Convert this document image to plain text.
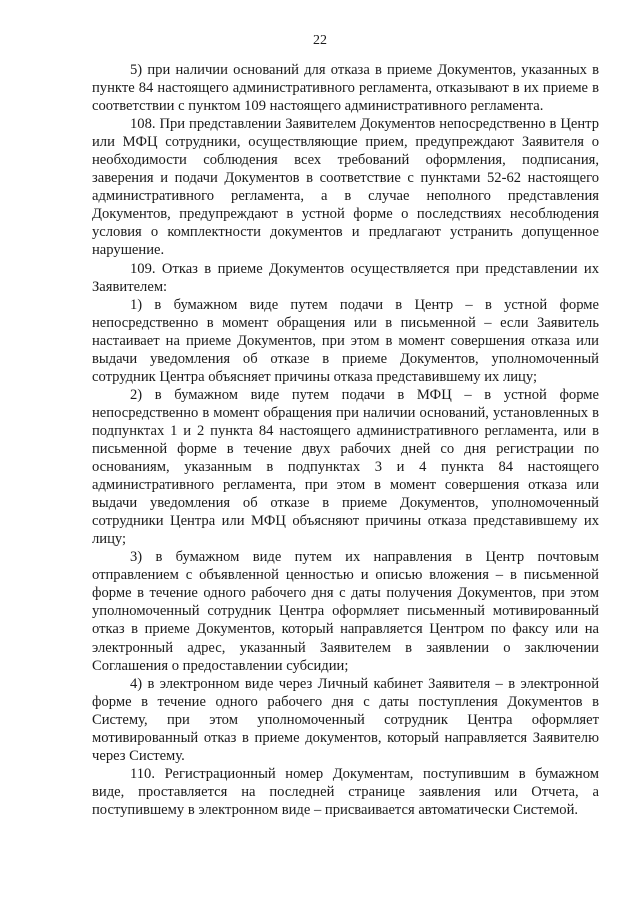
22

5) при наличии оснований для отказа в приеме Документов, указанных в пункте 84 настоящего административного регламента, отказывают в их приеме в соответствии с пунктом 109 настоящего административного регламента.

108. При представлении Заявителем Документов непосредственно в Центр или МФЦ сотрудники, осуществляющие прием, предупреждают Заявителя о необходимости соблюдения всех требований оформления, подписания, заверения и подачи Документов в соответствие с пунктами 52-62 настоящего административного регламента, а в случае неполного представления Документов, предупреждают в устной форме о последствиях несоблюдения условия о комплектности документов и предлагают устранить допущенное нарушение.

109. Отказ в приеме Документов осуществляется при представлении их Заявителем:

1) в бумажном виде путем подачи в Центр – в устной форме непосредственно в момент обращения или в письменной – если Заявитель настаивает на приеме Документов, при этом в момент совершения отказа или выдачи уведомления об отказе в приеме Документов, уполномоченный сотрудник Центра объясняет причины отказа представившему их лицу;

2) в бумажном виде путем подачи в МФЦ – в устной форме непосредственно в момент обращения при наличии оснований, установленных в подпунктах 1 и 2 пункта 84 настоящего административного регламента, или в письменной форме в течение двух рабочих дней со дня регистрации по основаниям, указанным в подпунктах 3 и 4 пункта 84 настоящего административного регламента, при этом в момент совершения отказа или выдачи уведомления об отказе в приеме Документов, уполномоченный сотрудники Центра или МФЦ объясняют причины отказа представившему их лицу;

3) в бумажном виде путем их направления в Центр почтовым отправлением с объявленной ценностью и описью вложения – в письменной форме в течение одного рабочего дня с даты получения Документов, при этом уполномоченный сотрудник Центра оформляет письменный мотивированный отказ в приеме Документов, который направляется Центром по факсу или на электронный адрес, указанный Заявителем в заявлении о заключении Соглашения о предоставлении субсидии;

4) в электронном виде через Личный кабинет Заявителя – в электронной форме в течение одного рабочего дня с даты поступления Документов в Систему, при этом уполномоченный сотрудник Центра оформляет мотивированный отказ в приеме документов, который направляется Заявителю через Систему.

110. Регистрационный номер Документам, поступившим в бумажном виде, проставляется на последней странице заявления или Отчета, а поступившему в электронном виде – присваивается автоматически Системой.
